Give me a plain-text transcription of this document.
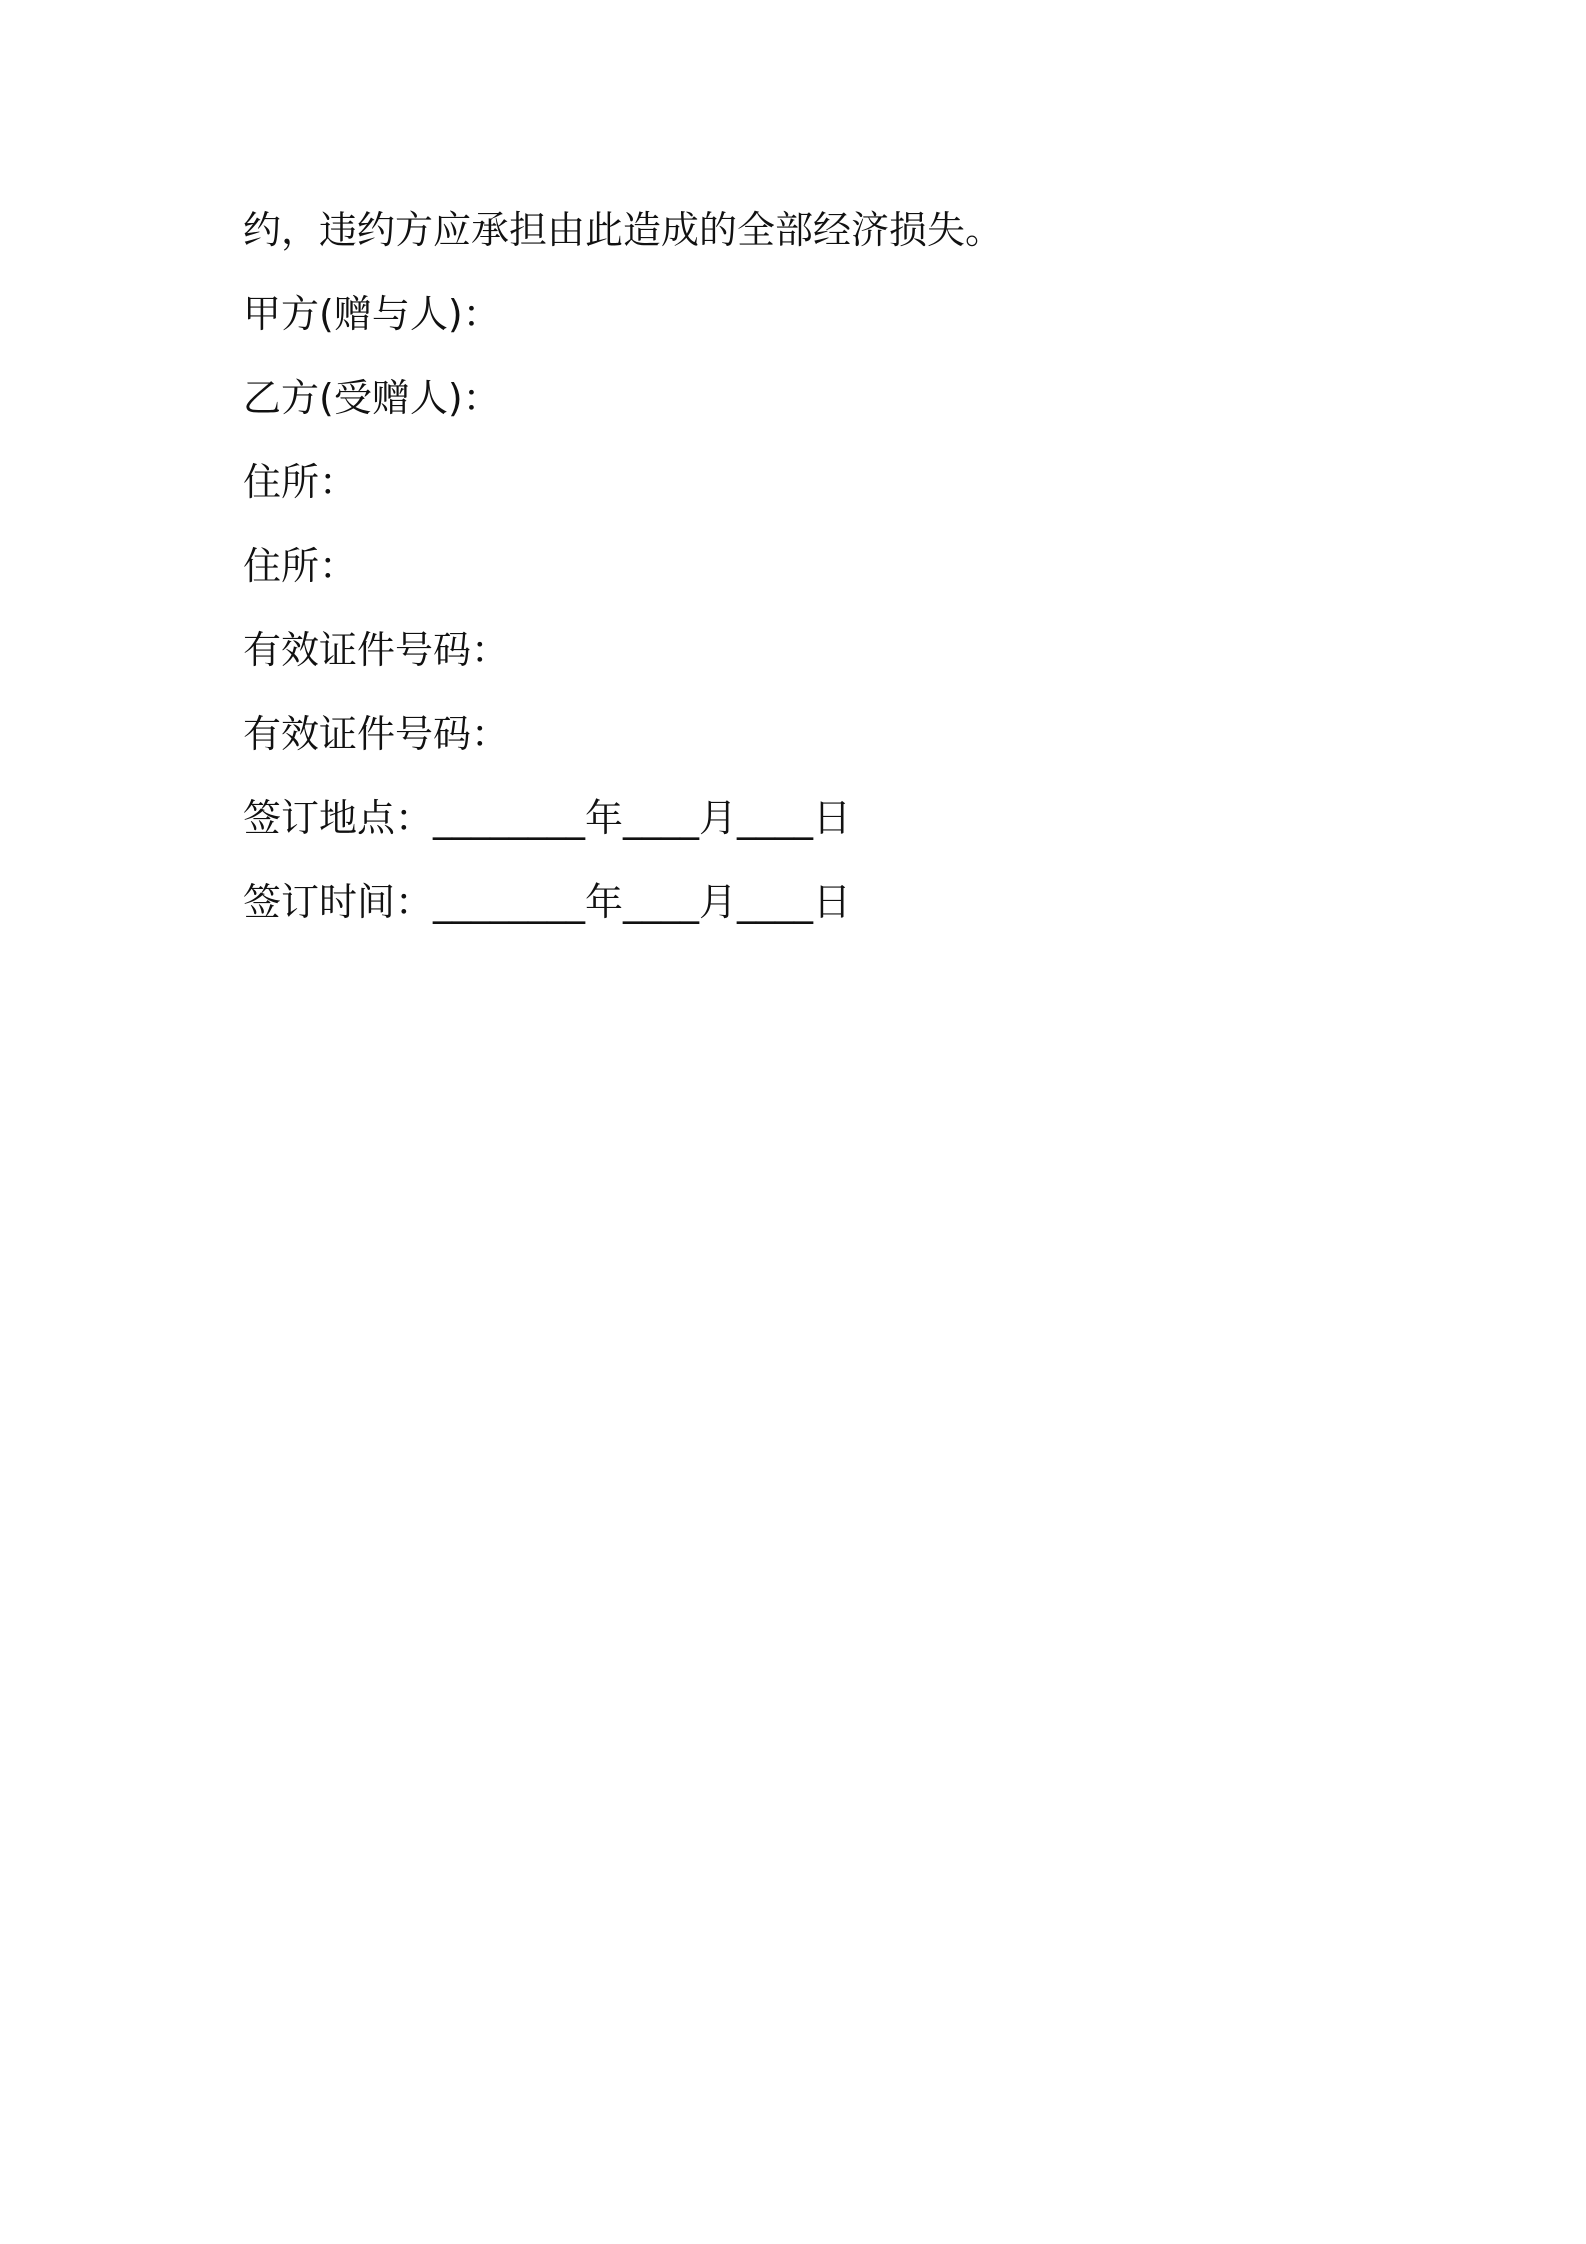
约，违约方应承担由此造成的全部经济损失。
甲方(赠与人)：
乙方(受赠人)：
住所：
住所：
有效证件号码：
有效证件号码：
签订地点：________年____月____日
签订时间：________年____月____日
